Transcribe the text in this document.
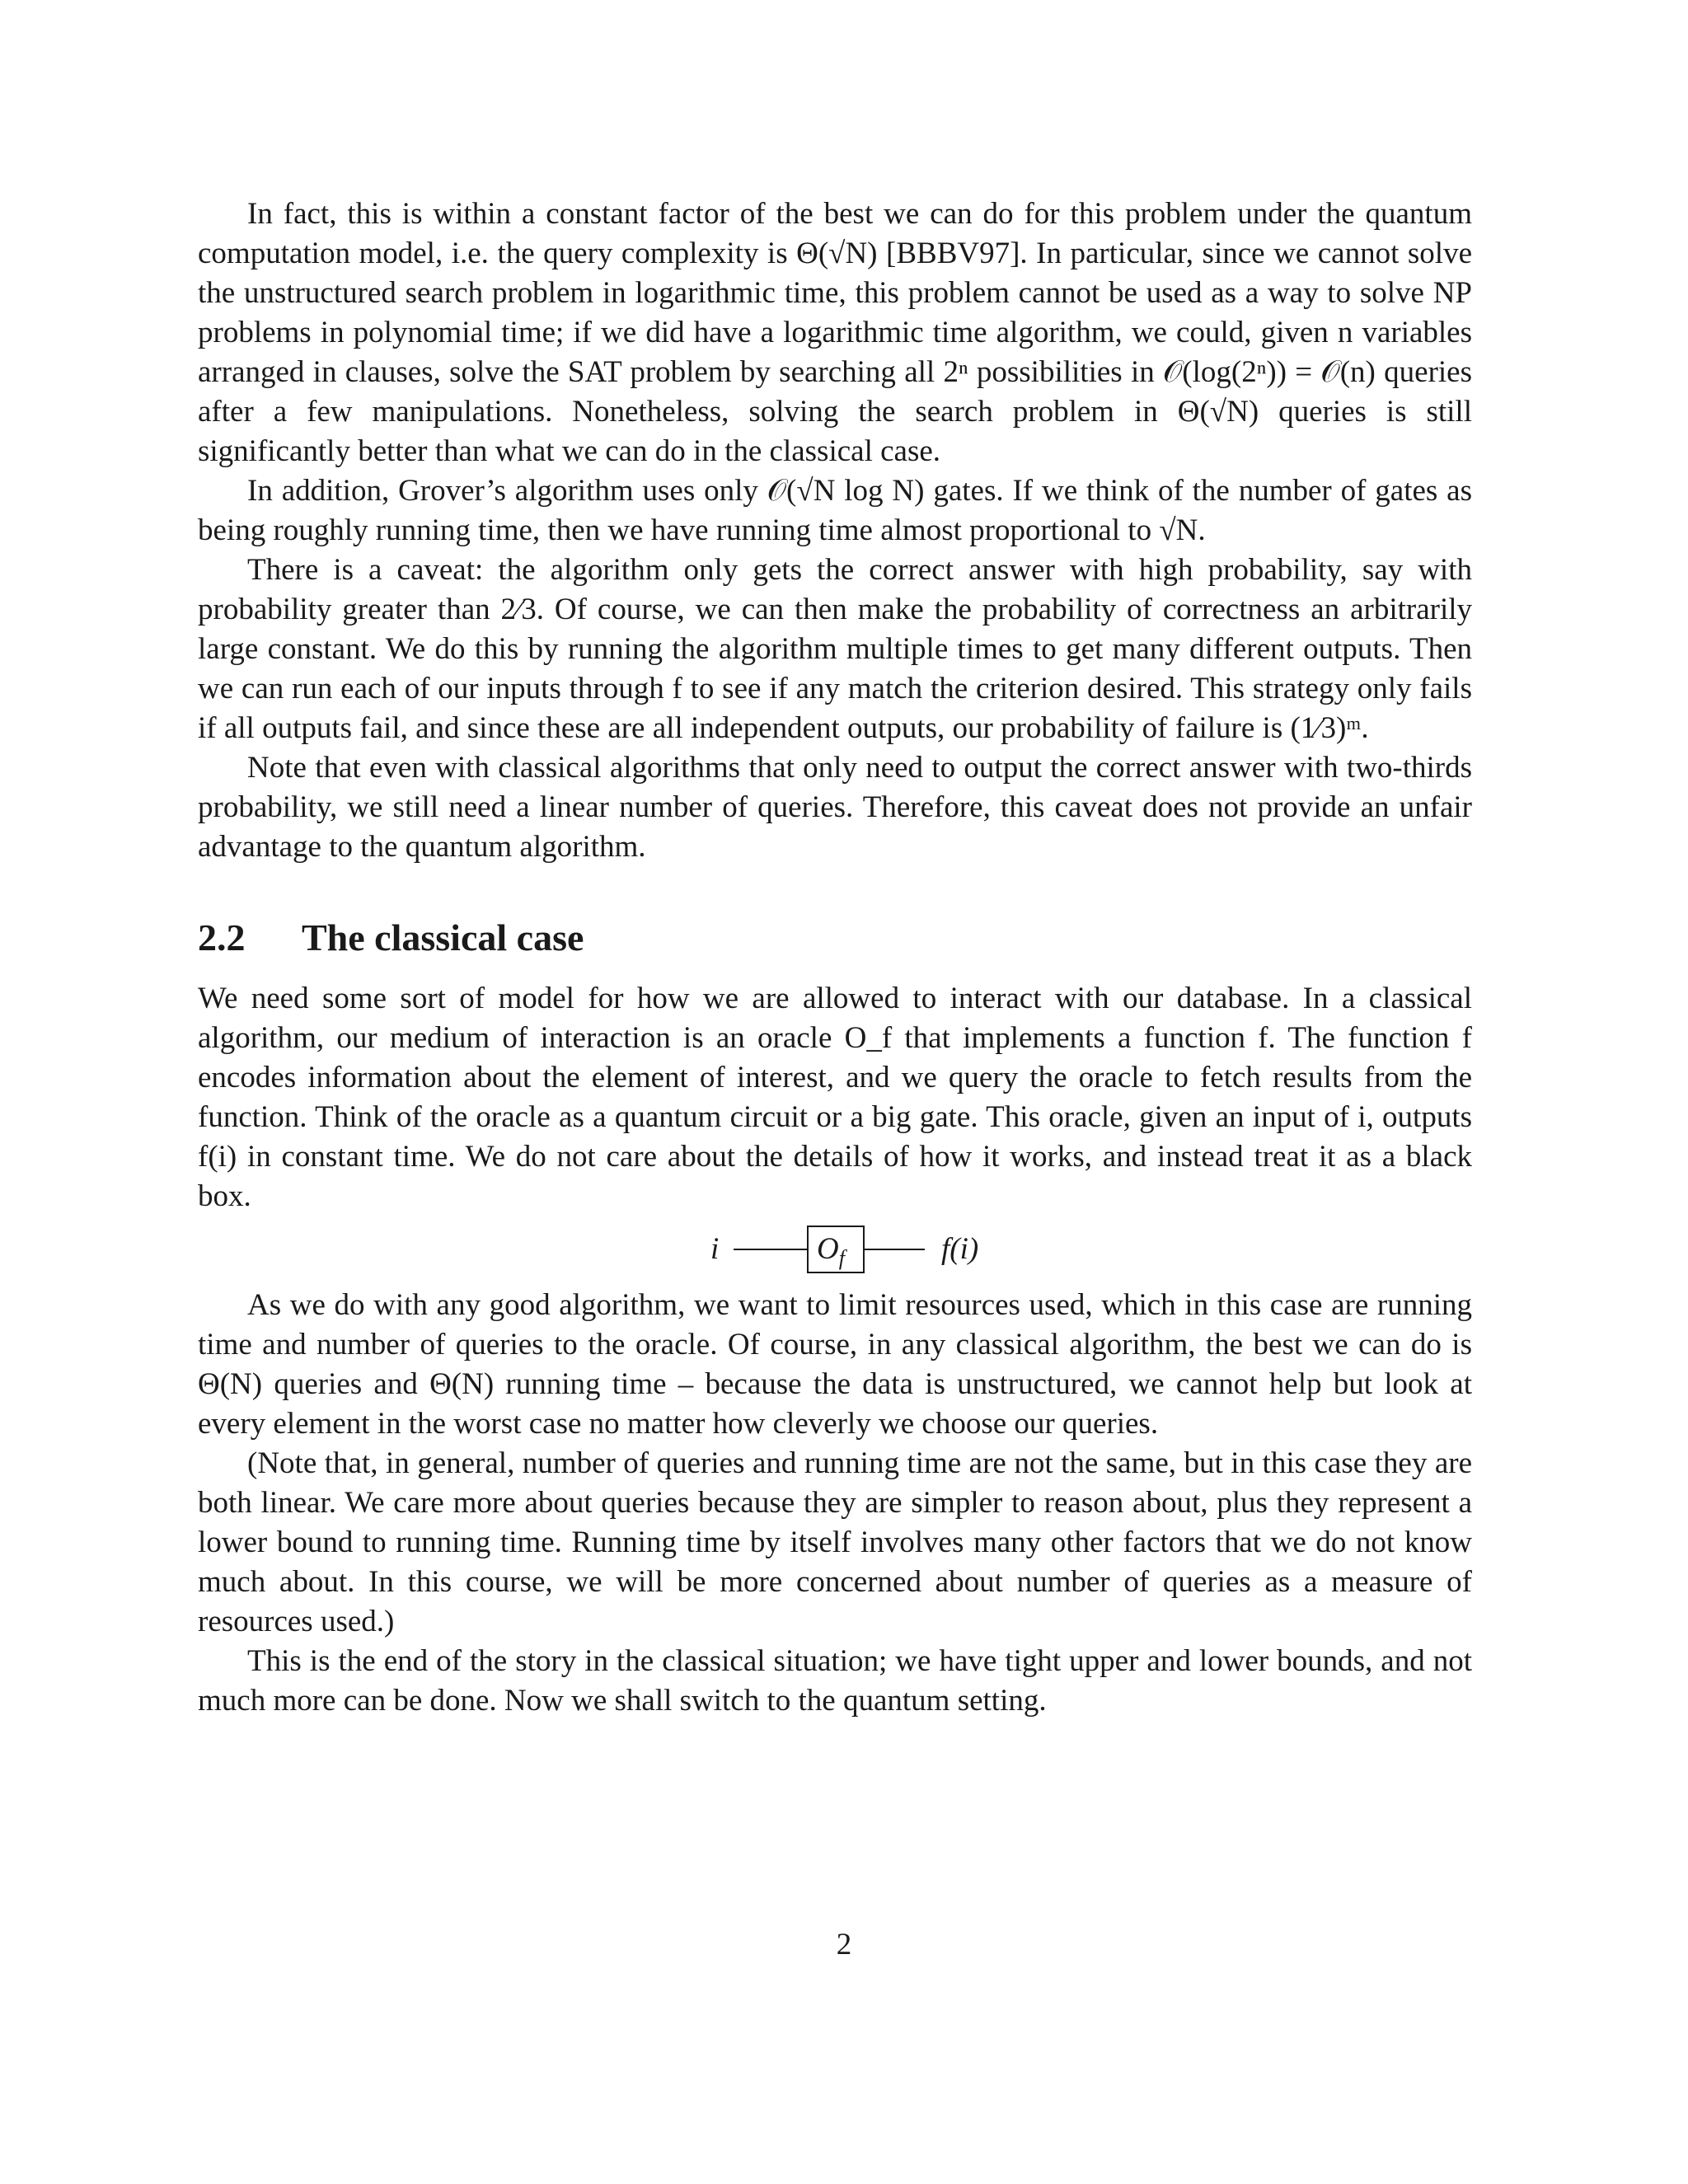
In fact, this is within a constant factor of the best we can do for this problem under the quantum computation model, i.e. the query complexity is Θ(√N) [BBBV97]. In particular, since we cannot solve the unstructured search problem in logarithmic time, this problem cannot be used as a way to solve NP problems in polynomial time; if we did have a logarithmic time algorithm, we could, given n variables arranged in clauses, solve the SAT problem by searching all 2ⁿ possibilities in 𝒪(log(2ⁿ)) = 𝒪(n) queries after a few manipulations. Nonetheless, solving the search problem in Θ(√N) queries is still significantly better than what we can do in the classical case.

In addition, Grover’s algorithm uses only 𝒪(√N log N) gates. If we think of the number of gates as being roughly running time, then we have running time almost proportional to √N.

There is a caveat: the algorithm only gets the correct answer with high probability, say with probability greater than 2⁄3. Of course, we can then make the probability of correctness an arbitrarily large constant. We do this by running the algorithm multiple times to get many different outputs. Then we can run each of our inputs through f to see if any match the criterion desired. This strategy only fails if all outputs fail, and since these are all independent outputs, our probability of failure is (1⁄3)ᵐ.

Note that even with classical algorithms that only need to output the correct answer with two-thirds probability, we still need a linear number of queries. Therefore, this caveat does not provide an unfair advantage to the quantum algorithm.

2.2 The classical case

We need some sort of model for how we are allowed to interact with our database. In a classical algorithm, our medium of interaction is an oracle O_f that implements a function f. The function f encodes information about the element of interest, and we query the oracle to fetch results from the function. Think of the oracle as a quantum circuit or a big gate. This oracle, given an input of i, outputs f(i) in constant time. We do not care about the details of how it works, and instead treat it as a black box.

i	$O_f$	f(i)

As we do with any good algorithm, we want to limit resources used, which in this case are running time and number of queries to the oracle. Of course, in any classical algorithm, the best we can do is Θ(N) queries and Θ(N) running time – because the data is unstructured, we cannot help but look at every element in the worst case no matter how cleverly we choose our queries.

(Note that, in general, number of queries and running time are not the same, but in this case they are both linear. We care more about queries because they are simpler to reason about, plus they represent a lower bound to running time. Running time by itself involves many other factors that we do not know much about. In this course, we will be more concerned about number of queries as a measure of resources used.)

This is the end of the story in the classical situation; we have tight upper and lower bounds, and not much more can be done. Now we shall switch to the quantum setting.

2
